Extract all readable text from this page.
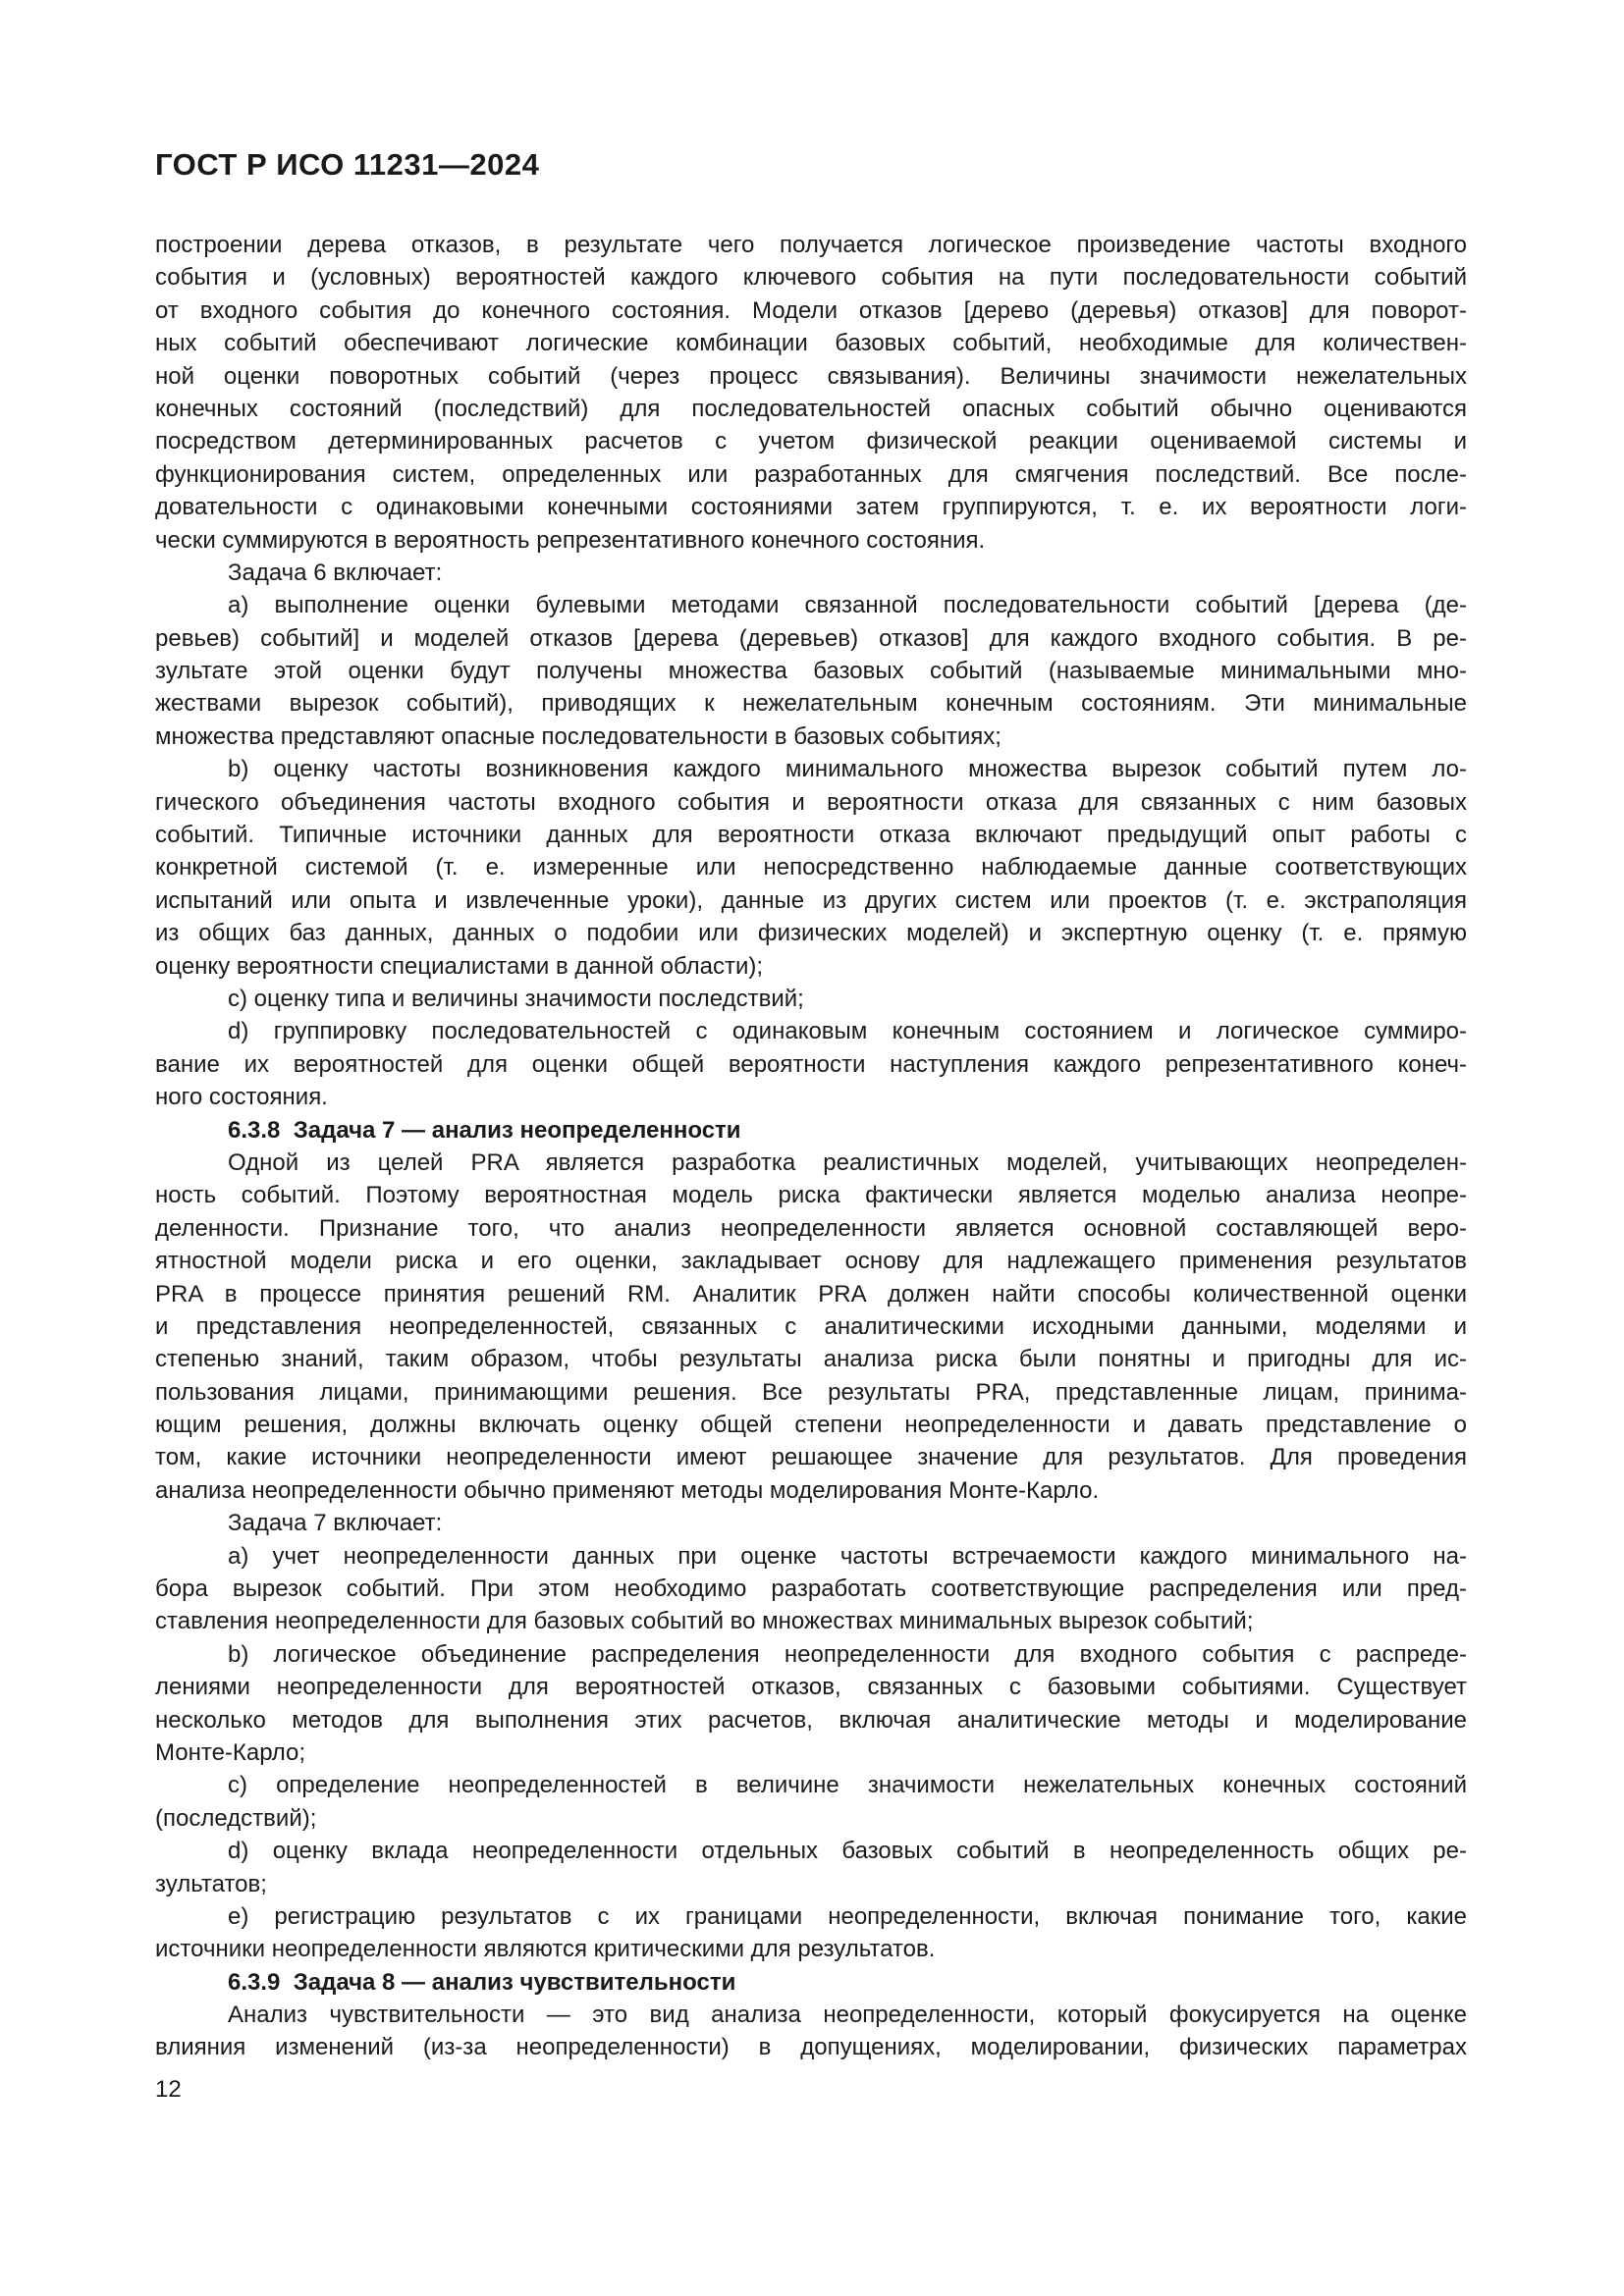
ГОСТ Р ИСО 11231—2024
построении дерева отказов, в результате чего получается логическое произведение частоты входного
события и (условных) вероятностей каждого ключевого события на пути последовательности событий
от входного события до конечного состояния. Модели отказов [дерево (деревья) отказов] для поворот-
ных событий обеспечивают логические комбинации базовых событий, необходимые для количествен-
ной оценки поворотных событий (через процесс связывания). Величины значимости нежелательных
конечных состояний (последствий) для последовательностей опасных событий обычно оцениваются
посредством детерминированных расчетов с учетом физической реакции оцениваемой системы и
функционирования систем, определенных или разработанных для смягчения последствий. Все после-
довательности с одинаковыми конечными состояниями затем группируются, т. е. их вероятности логи-
чески суммируются в вероятность репрезентативного конечного состояния.
Задача 6 включает:
a) выполнение оценки булевыми методами связанной последовательности событий [дерева (де-
ревьев) событий] и моделей отказов [дерева (деревьев) отказов] для каждого входного события. В ре-
зультате этой оценки будут получены множества базовых событий (называемые минимальными мно-
жествами вырезок событий), приводящих к нежелательным конечным состояниям. Эти минимальные
множества представляют опасные последовательности в базовых событиях;
b) оценку частоты возникновения каждого минимального множества вырезок событий путем ло-
гического объединения частоты входного события и вероятности отказа для связанных с ним базовых
событий. Типичные источники данных для вероятности отказа включают предыдущий опыт работы с
конкретной системой (т. е. измеренные или непосредственно наблюдаемые данные соответствующих
испытаний или опыта и извлеченные уроки), данные из других систем или проектов (т. е. экстраполяция
из общих баз данных, данных о подобии или физических моделей) и экспертную оценку (т. е. прямую
оценку вероятности специалистами в данной области);
c) оценку типа и величины значимости последствий;
d) группировку последовательностей с одинаковым конечным состоянием и логическое суммиро-
вание их вероятностей для оценки общей вероятности наступления каждого репрезентативного конеч-
ного состояния.
6.3.8  Задача 7 — анализ неопределенности
Одной из целей PRA является разработка реалистичных моделей, учитывающих неопределен-
ность событий. Поэтому вероятностная модель риска фактически является моделью анализа неопре-
деленности. Признание того, что анализ неопределенности является основной составляющей веро-
ятностной модели риска и его оценки, закладывает основу для надлежащего применения результатов
PRA в процессе принятия решений RM. Аналитик PRA должен найти способы количественной оценки
и представления неопределенностей, связанных с аналитическими исходными данными, моделями и
степенью знаний, таким образом, чтобы результаты анализа риска были понятны и пригодны для ис-
пользования лицами, принимающими решения. Все результаты PRA, представленные лицам, принима-
ющим решения, должны включать оценку общей степени неопределенности и давать представление о
том, какие источники неопределенности имеют решающее значение для результатов. Для проведения
анализа неопределенности обычно применяют методы моделирования Монте-Карло.
Задача 7 включает:
a) учет неопределенности данных при оценке частоты встречаемости каждого минимального на-
бора вырезок событий. При этом необходимо разработать соответствующие распределения или пред-
ставления неопределенности для базовых событий во множествах минимальных вырезок событий;
b) логическое объединение распределения неопределенности для входного события с распреде-
лениями неопределенности для вероятностей отказов, связанных с базовыми событиями. Существует
несколько методов для выполнения этих расчетов, включая аналитические методы и моделирование
Монте-Карло;
c) определение неопределенностей в величине значимости нежелательных конечных состояний
(последствий);
d) оценку вклада неопределенности отдельных базовых событий в неопределенность общих ре-
зультатов;
e) регистрацию результатов с их границами неопределенности, включая понимание того, какие
источники неопределенности являются критическими для результатов.
6.3.9  Задача 8 — анализ чувствительности
Анализ чувствительности — это вид анализа неопределенности, который фокусируется на оценке
влияния изменений (из-за неопределенности) в допущениях, моделировании, физических параметрах
12
